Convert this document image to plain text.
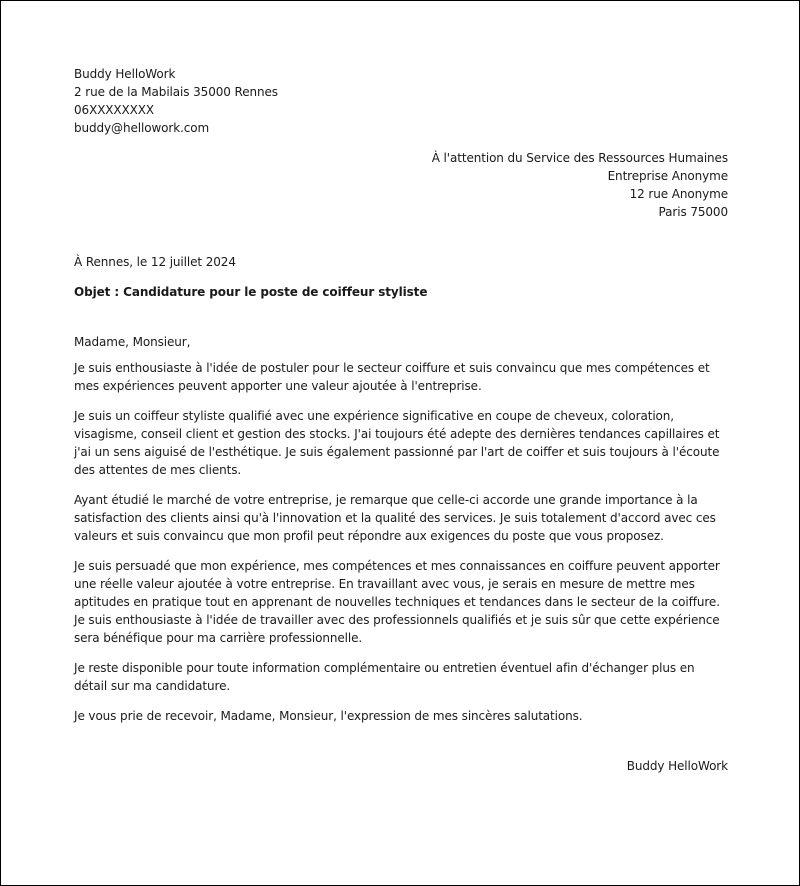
Buddy HelloWork
2 rue de la Mabilais 35000 Rennes
06XXXXXXXX
buddy@hellowork.com
À l'attention du Service des Ressources Humaines
Entreprise Anonyme
12 rue Anonyme
Paris 75000
À Rennes, le 12 juillet 2024
Objet : Candidature pour le poste de coiffeur styliste
Madame, Monsieur,

Je suis enthousiaste à l'idée de postuler pour le secteur coiffure et suis convaincu que mes compétences et mes expériences peuvent apporter une valeur ajoutée à l'entreprise.

Je suis un coiffeur styliste qualifié avec une expérience significative en coupe de cheveux, coloration, visagisme, conseil client et gestion des stocks. J'ai toujours été adepte des dernières tendances capillaires et j'ai un sens aiguisé de l'esthétique. Je suis également passionné par l'art de coiffer et suis toujours à l'écoute des attentes de mes clients.

Ayant étudié le marché de votre entreprise, je remarque que celle-ci accorde une grande importance à la satisfaction des clients ainsi qu'à l'innovation et la qualité des services. Je suis totalement d'accord avec ces valeurs et suis convaincu que mon profil peut répondre aux exigences du poste que vous proposez.

Je suis persuadé que mon expérience, mes compétences et mes connaissances en coiffure peuvent apporter une réelle valeur ajoutée à votre entreprise. En travaillant avec vous, je serais en mesure de mettre mes aptitudes en pratique tout en apprenant de nouvelles techniques et tendances dans le secteur de la coiffure. Je suis enthousiaste à l'idée de travailler avec des professionnels qualifiés et je suis sûr que cette expérience sera bénéfique pour ma carrière professionnelle.

Je reste disponible pour toute information complémentaire ou entretien éventuel afin d'échanger plus en détail sur ma candidature.

Je vous prie de recevoir, Madame, Monsieur, l'expression de mes sincères salutations.

Buddy HelloWork
